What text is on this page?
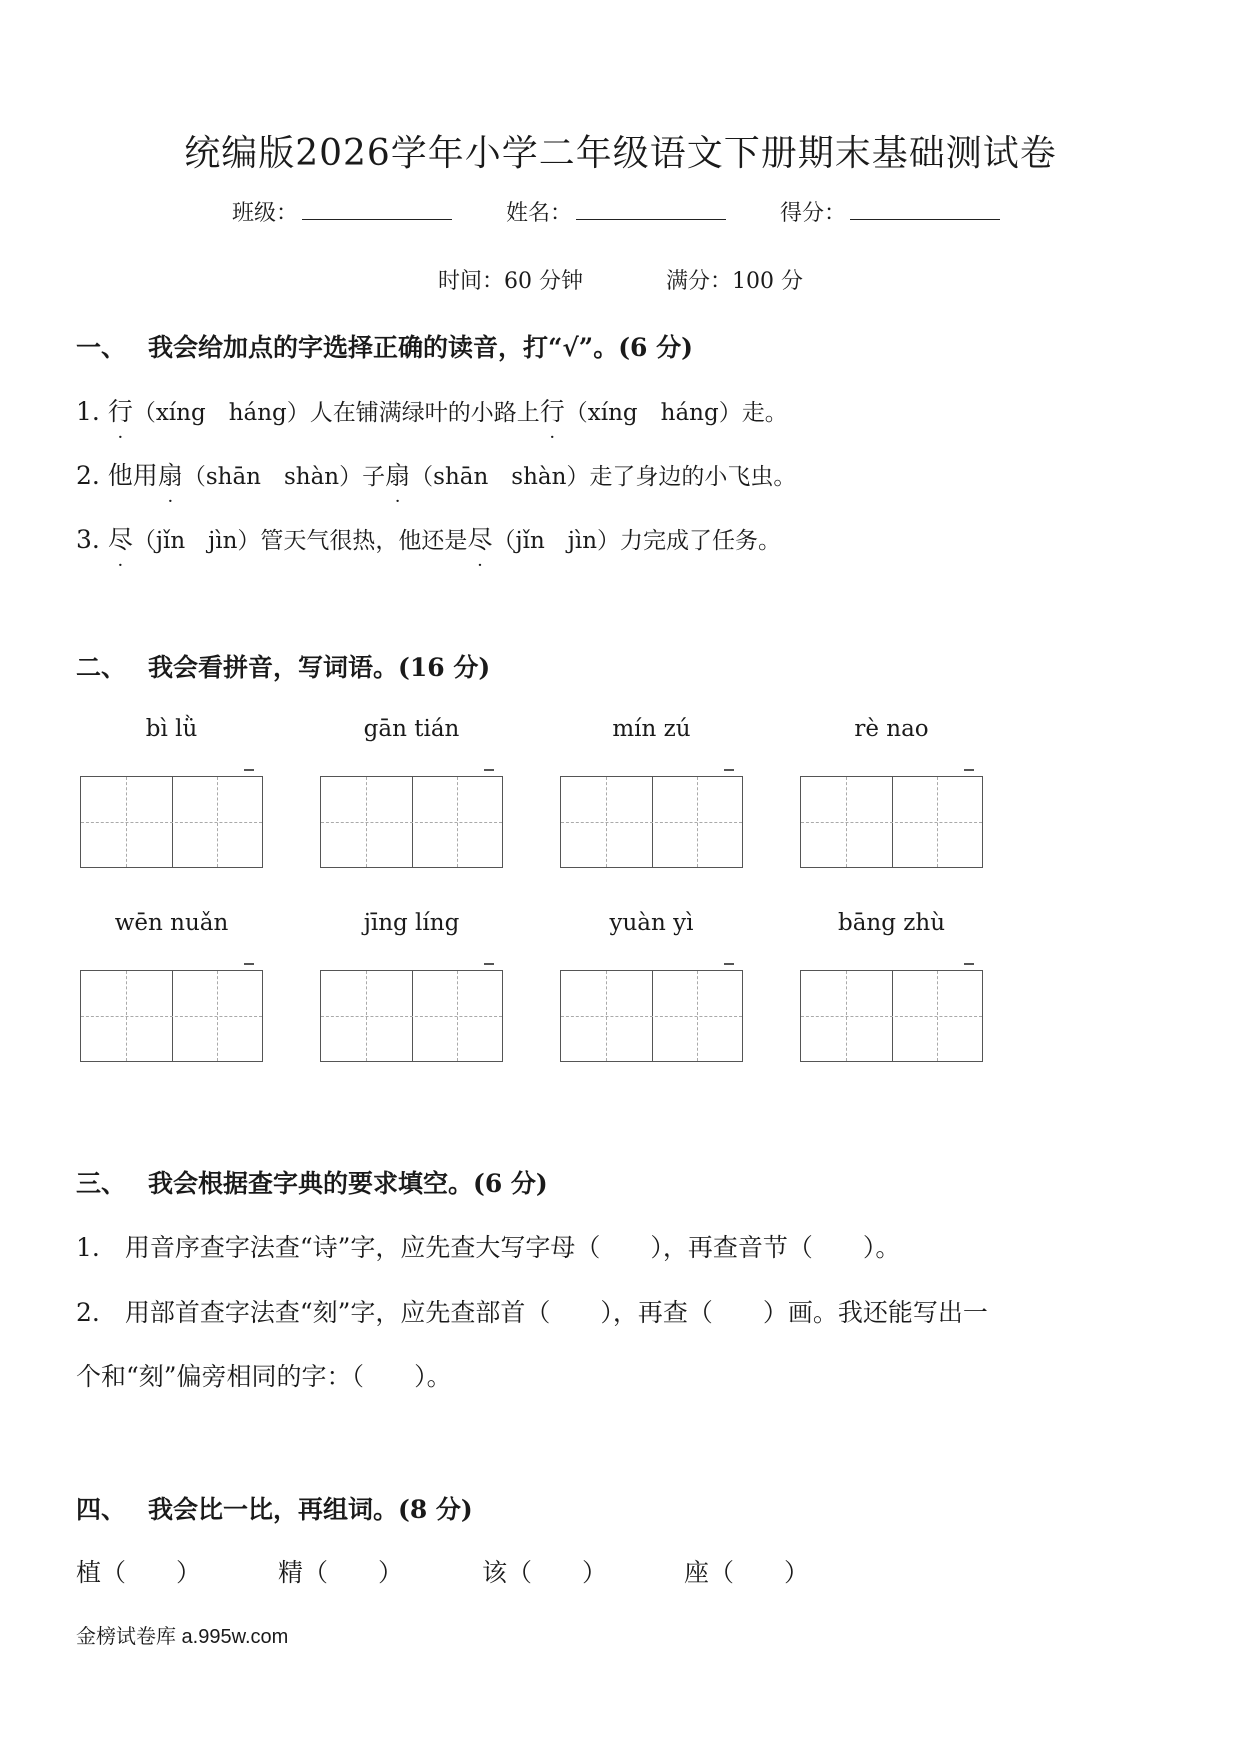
统编版2026学年小学二年级语文下册期末基础测试卷
班级：	姓名：	得分：
时间：60 分钟	满分：100 分
一、 我会给加点的字选择正确的读音，打“√”。(6 分)
1. 行（xíng　háng）人在铺满绿叶的小路上行（xíng　háng）走。
2. 他用扇（shān　shàn）子扇（shān　shàn）走了身边的小飞虫。
3. 尽（jǐn　jìn）管天气很热，他还是尽（jǐn　jìn）力完成了任务。
二、 我会看拼音，写词语。(16 分)
bì lǜ	gān tián	mín zú	rè nao
wēn nuǎn	jīng líng	yuàn yì	bāng zhù
三、 我会根据查字典的要求填空。(6 分)
1.　用音序查字法查“诗”字，应先查大写字母（　　），再查音节（　　）。
2.　用部首查字法查“刻”字，应先查部首（　　），再查（　　）画。我还能写出一
个和“刻”偏旁相同的字：（　　）。
四、 我会比一比，再组词。(8 分)
植（　　）	精（　　）	该（　　）	座（　　）
金榜试卷库 a.995w.com
